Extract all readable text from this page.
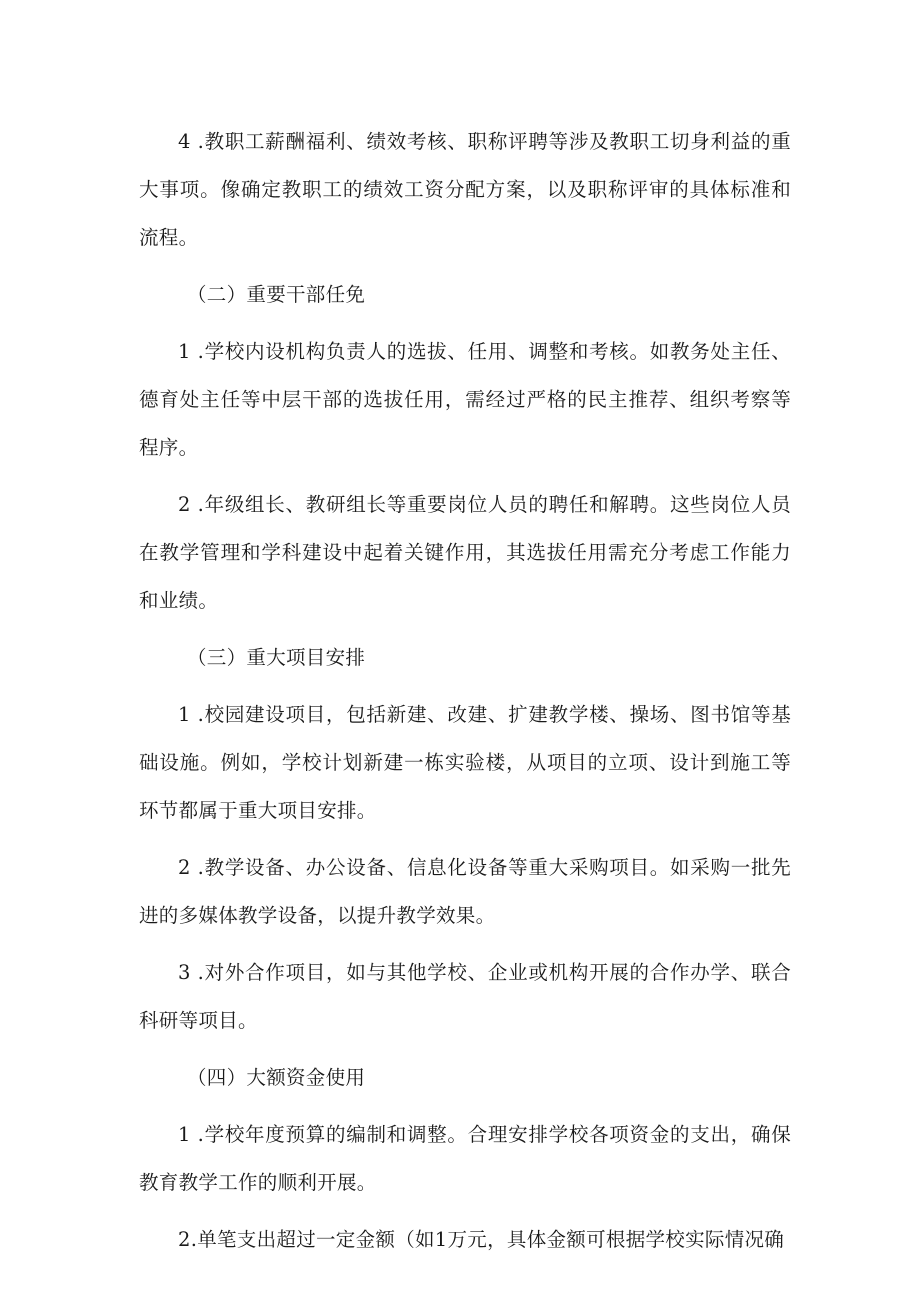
4 .教职工薪酬福利、绩效考核、职称评聘等涉及教职工切身利益的重大事项。像确定教职工的绩效工资分配方案，以及职称评审的具体标准和流程。

（二）重要干部任免

1 .学校内设机构负责人的选拔、任用、调整和考核。如教务处主任、德育处主任等中层干部的选拔任用，需经过严格的民主推荐、组织考察等程序。

2 .年级组长、教研组长等重要岗位人员的聘任和解聘。这些岗位人员在教学管理和学科建设中起着关键作用，其选拔任用需充分考虑工作能力和业绩。

（三）重大项目安排

1 .校园建设项目，包括新建、改建、扩建教学楼、操场、图书馆等基础设施。例如，学校计划新建一栋实验楼，从项目的立项、设计到施工等环节都属于重大项目安排。

2 .教学设备、办公设备、信息化设备等重大采购项目。如采购一批先进的多媒体教学设备，以提升教学效果。

3 .对外合作项目，如与其他学校、企业或机构开展的合作办学、联合科研等项目。

（四）大额资金使用

1 .学校年度预算的编制和调整。合理安排学校各项资金的支出，确保教育教学工作的顺利开展。

2.单笔支出超过一定金额（如1万元，具体金额可根据学校实际情况确
